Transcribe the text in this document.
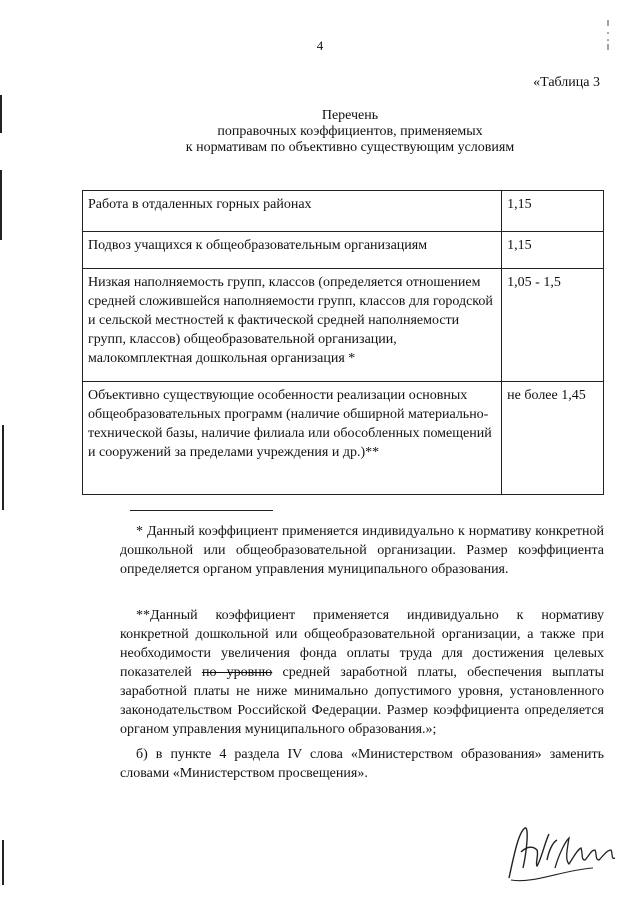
4
«Таблица 3
Перечень
поправочных коэффициентов, применяемых
к нормативам по объективно существующим условиям
Работа в отдаленных горных районах	1,15
Подвоз учащихся к общеобразовательным организациям	1,15
Низкая наполняемость групп, классов (определяется отношением средней сложившейся наполняемости групп, классов для городской и сельской местностей к фактической средней наполняемости групп, классов) общеобразовательной организации, малокомплектная дошкольная организация *	1,05 - 1,5
Объективно существующие особенности реализации основных общеобразовательных программ (наличие обширной материально-технической базы, наличие филиала или обособленных помещений и сооружений за пределами учреждения и др.)**	не более 1,45
* Данный коэффициент применяется индивидуально к нормативу конкретной дошкольной или общеобразовательной организации. Размер коэффициента определяется органом управления муниципального образования.
**Данный коэффициент применяется индивидуально к нормативу конкретной дошкольной или общеобразовательной организации, а также при необходимости увеличения фонда оплаты труда для достижения целевых показателей по уровню средней заработной платы, обеспечения выплаты заработной платы не ниже минимально допустимого уровня, установленного законодательством Российской Федерации. Размер коэффициента определяется органом управления муниципального образования.»;
б) в пункте 4 раздела IV слова «Министерством образования» заменить словами «Министерством просвещения».
